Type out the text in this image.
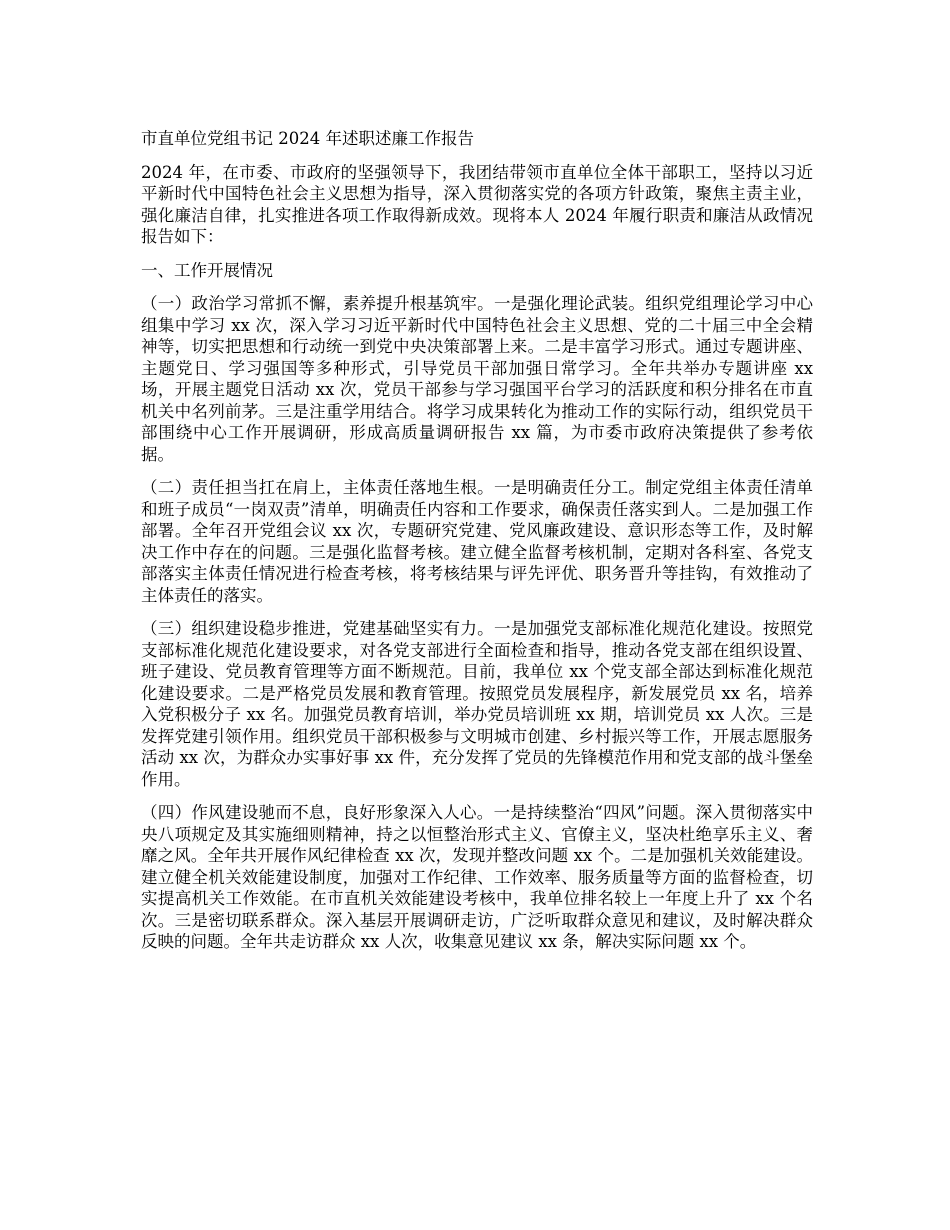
市直单位党组书记 2024 年述职述廉工作报告

2024 年，在市委、市政府的坚强领导下，我团结带领市直单位全体干部职工，坚持以习近平新时代中国特色社会主义思想为指导，深入贯彻落实党的各项方针政策，聚焦主责主业，强化廉洁自律，扎实推进各项工作取得新成效。现将本人 2024 年履行职责和廉洁从政情况报告如下：

一、工作开展情况

（一）政治学习常抓不懈，素养提升根基筑牢。一是强化理论武装。组织党组理论学习中心组集中学习 xx 次，深入学习习近平新时代中国特色社会主义思想、党的二十届三中全会精神等，切实把思想和行动统一到党中央决策部署上来。二是丰富学习形式。通过专题讲座、主题党日、学习强国等多种形式，引导党员干部加强日常学习。全年共举办专题讲座 xx 场，开展主题党日活动 xx 次，党员干部参与学习强国平台学习的活跃度和积分排名在市直机关中名列前茅。三是注重学用结合。将学习成果转化为推动工作的实际行动，组织党员干部围绕中心工作开展调研，形成高质量调研报告 xx 篇，为市委市政府决策提供了参考依据。

（二）责任担当扛在肩上，主体责任落地生根。一是明确责任分工。制定党组主体责任清单和班子成员“一岗双责”清单，明确责任内容和工作要求，确保责任落实到人。二是加强工作部署。全年召开党组会议 xx 次，专题研究党建、党风廉政建设、意识形态等工作，及时解决工作中存在的问题。三是强化监督考核。建立健全监督考核机制，定期对各科室、各党支部落实主体责任情况进行检查考核，将考核结果与评先评优、职务晋升等挂钩，有效推动了主体责任的落实。

（三）组织建设稳步推进，党建基础坚实有力。一是加强党支部标准化规范化建设。按照党支部标准化规范化建设要求，对各党支部进行全面检查和指导，推动各党支部在组织设置、班子建设、党员教育管理等方面不断规范。目前，我单位 xx 个党支部全部达到标准化规范化建设要求。二是严格党员发展和教育管理。按照党员发展程序，新发展党员 xx 名，培养入党积极分子 xx 名。加强党员教育培训，举办党员培训班 xx 期，培训党员 xx 人次。三是发挥党建引领作用。组织党员干部积极参与文明城市创建、乡村振兴等工作，开展志愿服务活动 xx 次，为群众办实事好事 xx 件，充分发挥了党员的先锋模范作用和党支部的战斗堡垒作用。

（四）作风建设驰而不息，良好形象深入人心。一是持续整治“四风”问题。深入贯彻落实中央八项规定及其实施细则精神，持之以恒整治形式主义、官僚主义，坚决杜绝享乐主义、奢靡之风。全年共开展作风纪律检查 xx 次，发现并整改问题 xx 个。二是加强机关效能建设。建立健全机关效能建设制度，加强对工作纪律、工作效率、服务质量等方面的监督检查，切实提高机关工作效能。在市直机关效能建设考核中，我单位排名较上一年度上升了 xx 个名次。三是密切联系群众。深入基层开展调研走访，广泛听取群众意见和建议，及时解决群众反映的问题。全年共走访群众 xx 人次，收集意见建议 xx 条，解决实际问题 xx 个。
